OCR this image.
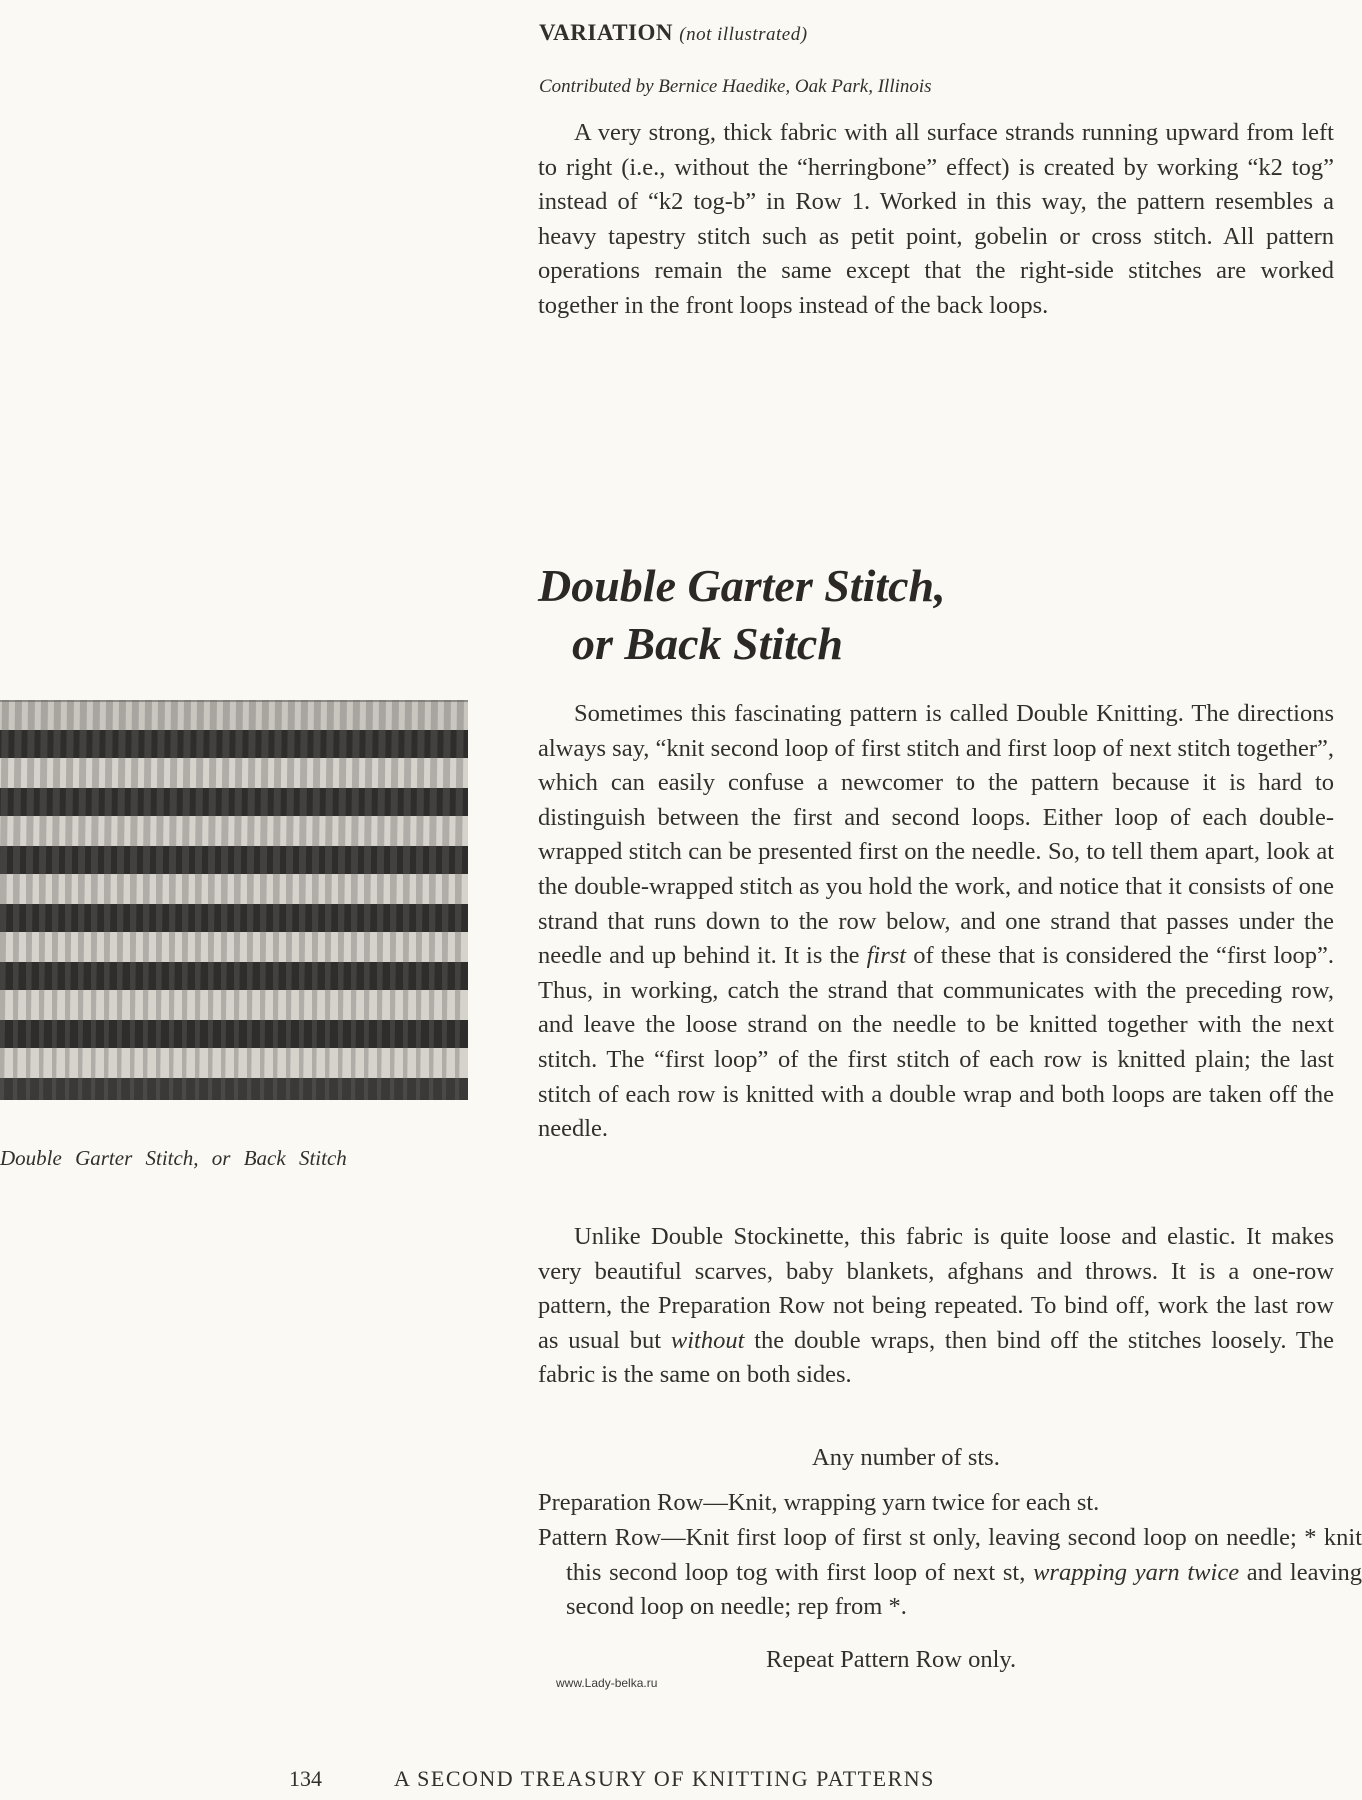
VARIATION (not illustrated)
Contributed by Bernice Haedike, Oak Park, Illinois

A very strong, thick fabric with all surface strands running upward from left to right (i.e., without the “herringbone” effect) is created by working “k2 tog” instead of “k2 tog-b” in Row 1. Worked in this way, the pattern resembles a heavy tapestry stitch such as petit point, gobelin or cross stitch. All pattern operations remain the same except that the right-side stitches are worked together in the front loops instead of the back loops.

Double Garter Stitch,
or Back Stitch
Double Garter Stitch, or Back Stitch

Sometimes this fascinating pattern is called Double Knitting. The directions always say, “knit second loop of first stitch and first loop of next stitch together”, which can easily confuse a newcomer to the pattern because it is hard to distinguish between the first and second loops. Either loop of each double-wrapped stitch can be presented first on the needle. So, to tell them apart, look at the double-wrapped stitch as you hold the work, and notice that it consists of one strand that runs down to the row below, and one strand that passes under the needle and up behind it. It is the first of these that is considered the “first loop”. Thus, in working, catch the strand that communicates with the preceding row, and leave the loose strand on the needle to be knitted together with the next stitch. The “first loop” of the first stitch of each row is knitted plain; the last stitch of each row is knitted with a double wrap and both loops are taken off the needle.

Unlike Double Stockinette, this fabric is quite loose and elastic. It makes very beautiful scarves, baby blankets, afghans and throws. It is a one-row pattern, the Preparation Row not being repeated. To bind off, work the last row as usual but without the double wraps, then bind off the stitches loosely. The fabric is the same on both sides.

Any number of sts.

Preparation Row—Knit, wrapping yarn twice for each st.

Pattern Row—Knit first loop of first st only, leaving second loop on needle; * knit this second loop tog with first loop of next st, wrapping yarn twice and leaving second loop on needle; rep from *.

Repeat Pattern Row only.
www.Lady-belka.ru
134	A SECOND TREASURY OF KNITTING PATTERNS
